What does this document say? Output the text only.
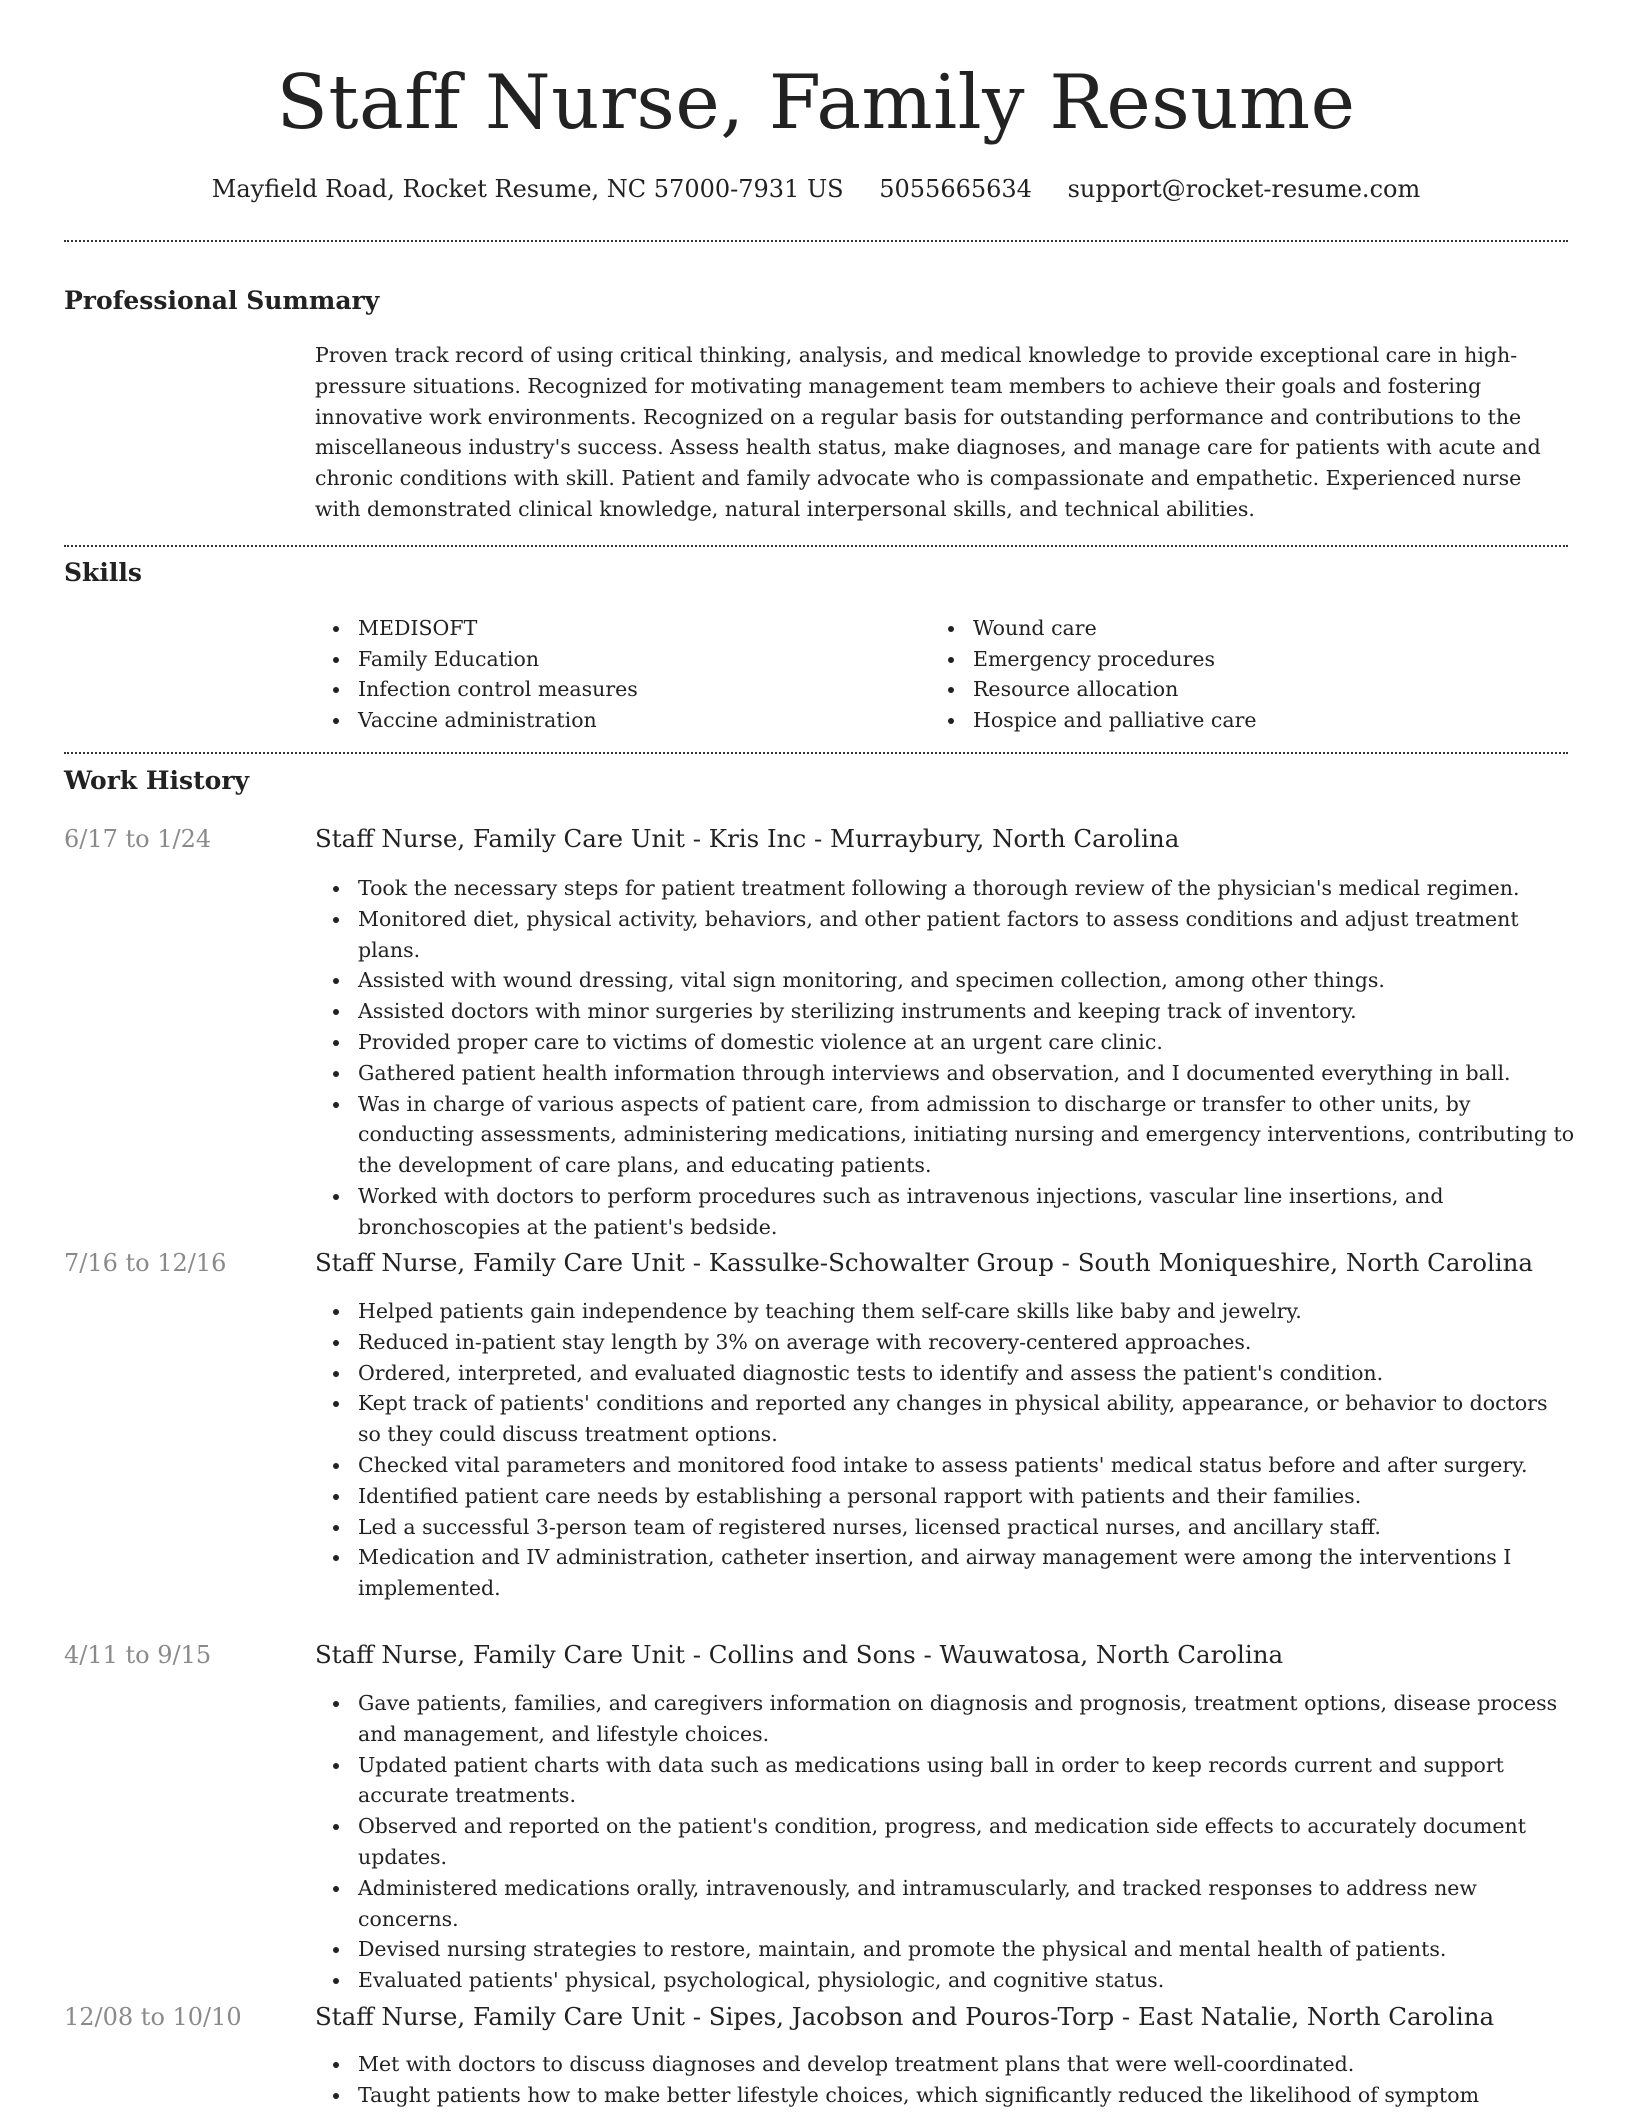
Staff Nurse, Family Resume
Mayfield Road, Rocket Resume, NC 57000-7931 US 5055665634 support@rocket-resume.com
Professional Summary

Proven track record of using critical thinking, analysis, and medical knowledge to provide exceptional care in high-pressure situations. Recognized for motivating management team members to achieve their goals and fostering innovative work environments. Recognized on a regular basis for outstanding performance and contributions to the miscellaneous industry's success. Assess health status, make diagnoses, and manage care for patients with acute and chronic conditions with skill. Patient and family advocate who is compassionate and empathetic. Experienced nurse with demonstrated clinical knowledge, natural interpersonal skills, and technical abilities.

Skills
MEDISOFT
Family Education
Infection control measures
Vaccine administration
Wound care
Emergency procedures
Resource allocation
Hospice and palliative care
Work History
6/17 to 1/24	Staff Nurse, Family Care Unit - Kris Inc - Murraybury, North Carolina
Took the necessary steps for patient treatment following a thorough review of the physician's medical regimen.
Monitored diet, physical activity, behaviors, and other patient factors to assess conditions and adjust treatment plans.
Assisted with wound dressing, vital sign monitoring, and specimen collection, among other things.
Assisted doctors with minor surgeries by sterilizing instruments and keeping track of inventory.
Provided proper care to victims of domestic violence at an urgent care clinic.
Gathered patient health information through interviews and observation, and I documented everything in ball.
Was in charge of various aspects of patient care, from admission to discharge or transfer to other units, by conducting assessments, administering medications, initiating nursing and emergency interventions, contributing to the development of care plans, and educating patients.
Worked with doctors to perform procedures such as intravenous injections, vascular line insertions, and bronchoscopies at the patient's bedside.
7/16 to 12/16	Staff Nurse, Family Care Unit - Kassulke-Schowalter Group - South Moniqueshire, North Carolina
Helped patients gain independence by teaching them self-care skills like baby and jewelry.
Reduced in-patient stay length by 3% on average with recovery-centered approaches.
Ordered, interpreted, and evaluated diagnostic tests to identify and assess the patient's condition.
Kept track of patients' conditions and reported any changes in physical ability, appearance, or behavior to doctors so they could discuss treatment options.
Checked vital parameters and monitored food intake to assess patients' medical status before and after surgery.
Identified patient care needs by establishing a personal rapport with patients and their families.
Led a successful 3-person team of registered nurses, licensed practical nurses, and ancillary staff.
Medication and IV administration, catheter insertion, and airway management were among the interventions I implemented.
4/11 to 9/15	Staff Nurse, Family Care Unit - Collins and Sons - Wauwatosa, North Carolina
Gave patients, families, and caregivers information on diagnosis and prognosis, treatment options, disease process and management, and lifestyle choices.
Updated patient charts with data such as medications using ball in order to keep records current and support accurate treatments.
Observed and reported on the patient's condition, progress, and medication side effects to accurately document updates.
Administered medications orally, intravenously, and intramuscularly, and tracked responses to address new concerns.
Devised nursing strategies to restore, maintain, and promote the physical and mental health of patients.
Evaluated patients' physical, psychological, physiologic, and cognitive status.
12/08 to 10/10	Staff Nurse, Family Care Unit - Sipes, Jacobson and Pouros-Torp - East Natalie, North Carolina
Met with doctors to discuss diagnoses and develop treatment plans that were well-coordinated.
Taught patients how to make better lifestyle choices, which significantly reduced the likelihood of symptom
